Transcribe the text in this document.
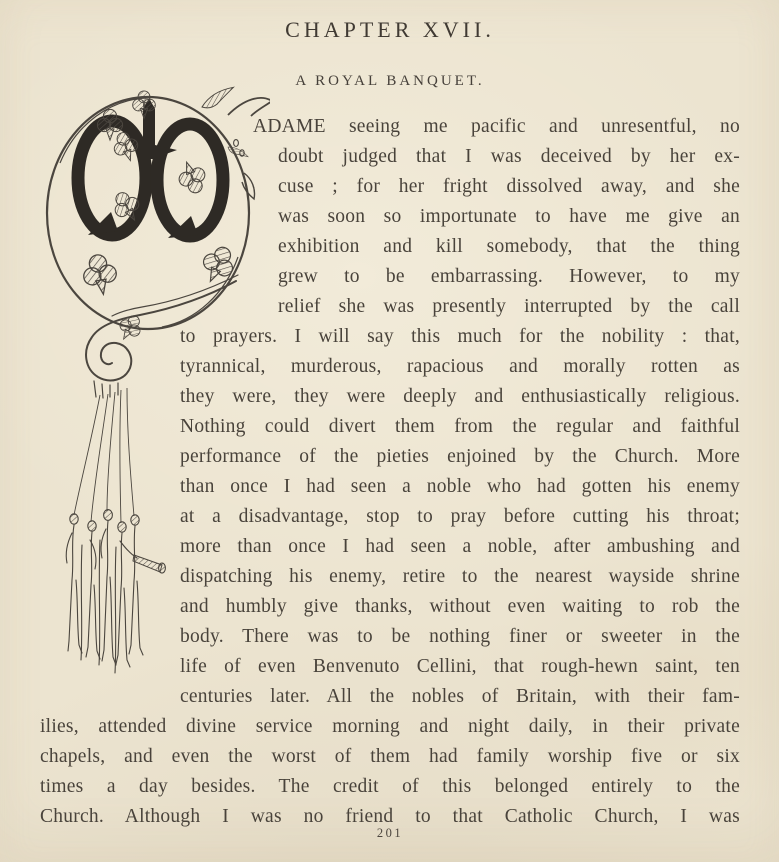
CHAPTER XVII.
A ROYAL BANQUET.
ADAME seeing me pacific and unresentful, no
doubt judged that I was deceived by her ex-
cuse ; for her fright dissolved away, and she
was soon so importunate to have me give an
exhibition and kill somebody, that the thing
grew to be embarrassing. However, to my
relief she was presently interrupted by the call
to prayers. I will say this much for the nobility : that,
tyrannical, murderous, rapacious and morally rotten as
they were, they were deeply and enthusiastically religious.
Nothing could divert them from the regular and faithful
performance of the pieties enjoined by the Church. More
than once I had seen a noble who had gotten his enemy
at a disadvantage, stop to pray before cutting his throat;
more than once I had seen a noble, after ambushing and
dispatching his enemy, retire to the nearest wayside shrine
and humbly give thanks, without even waiting to rob the
body. There was to be nothing finer or sweeter in the
life of even Benvenuto Cellini, that rough-hewn saint, ten
centuries later. All the nobles of Britain, with their fam-
ilies, attended divine service morning and night daily, in their private
chapels, and even the worst of them had family worship five or six
times a day besides. The credit of this belonged entirely to the
Church. Although I was no friend to that Catholic Church, I was
201
